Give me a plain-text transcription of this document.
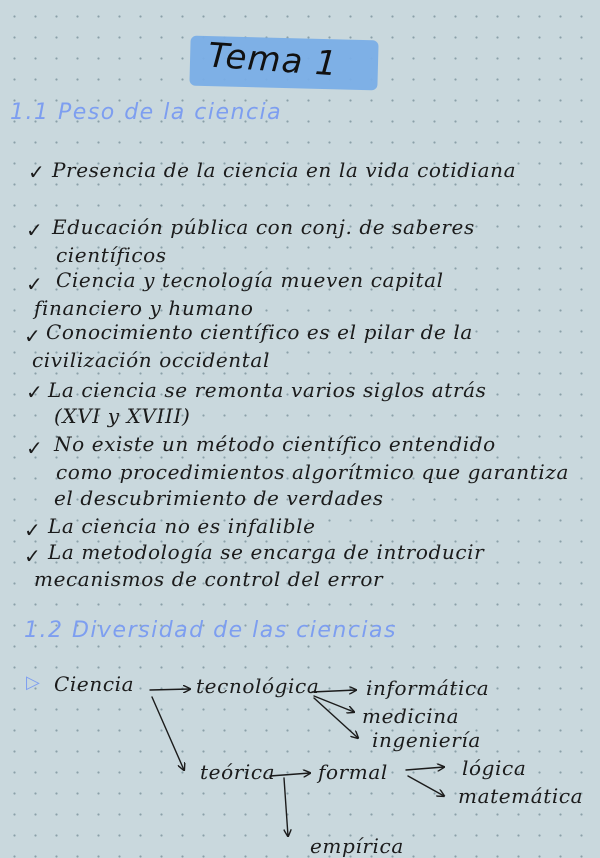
Tema 1
1.1 Peso de la ciencia
✓ Presencia de la ciencia en la vida cotidiana
✓ Educación pública con conj. de saberes
científicos
✓ Ciencia y tecnología mueven capital
financiero y humano
✓ Conocimiento científico es el pilar de la
civilización occidental
✓ La ciencia se remonta varios siglos atrás
(XVI y XVIII)
✓ No existe un método científico entendido
como procedimientos algorítmico que garantiza
el descubrimiento de verdades
✓ La ciencia no es infalible
✓ La metodología se encarga de introducir
mecanismos de control del error
1.2 Diversidad de las ciencias
▷ Ciencia	tecnológica informática
medicina
ingeniería
teórica formal	lógica
matemática
empírica
